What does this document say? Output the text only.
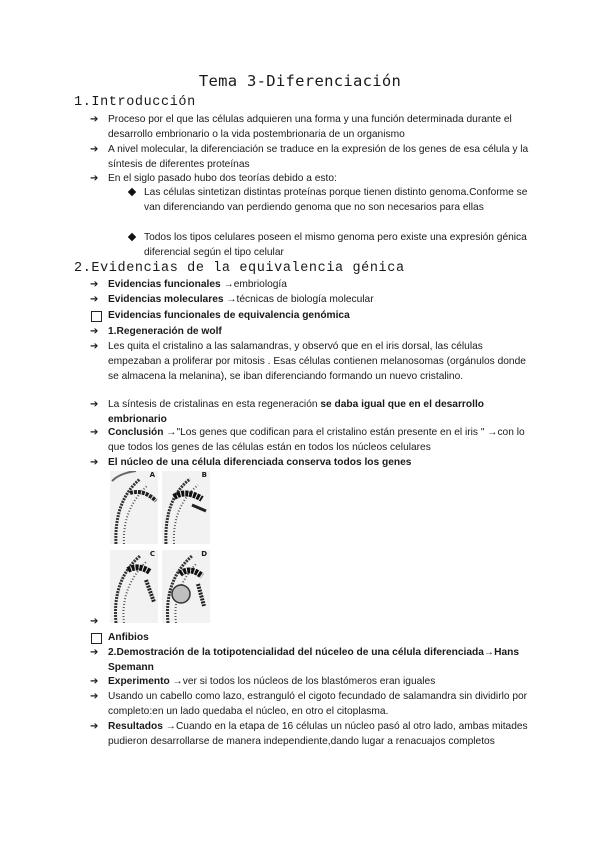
Tema 3-Diferenciación
1.Introducción
➔ Proceso por el que las células adquieren una forma y una función determinada durante el desarrollo embrionario o la vida postembrionaria de un organismo
➔ A nivel molecular, la diferenciación se traduce en la expresión de los genes de esa célula y la síntesis de diferentes proteínas
➔ En el siglo pasado hubo dos teorías debido a esto:
Las células sintetizan distintas proteínas porque tienen distinto genoma.Conforme se van diferenciando van perdiendo genoma que no son necesarios para ellas
Todos los tipos celulares poseen el mismo genoma pero existe una expresión génica diferencial según el tipo celular
2.Evidencias de la equivalencia génica
➔ Evidencias funcionales →embriología
➔ Evidencias moleculares →técnicas de biología molecular
Evidencias funcionales de equivalencia genómica
➔ 1.Regeneración de wolf
➔ Les quita el cristalino a las salamandras, y observó que en el iris dorsal, las células empezaban a proliferar por mitosis . Esas células contienen melanosomas (orgánulos donde se almacena la melanina), se iban diferenciando formando un nuevo cristalino.
➔ La síntesis de cristalinas en esta regeneración se daba igual que en el desarrollo embrionario
➔ Conclusión →"Los genes que codifican para el cristalino están presente en el iris " →con lo que todos los genes de las células están en todos los núcleos celulares
➔ El núcleo de una célula diferenciada conserva todos los genes
A	B
C	D
➔
Anfibios
➔ 2.Demostración de la totipotencialidad del núceleo de una célula diferenciada→Hans Spemann
➔ Experimento →ver si todos los núcleos de los blastómeros eran iguales
➔ Usando un cabello como lazo, estranguló el cigoto fecundado de salamandra sin dividirlo por completo:en un lado quedaba el núcleo, en otro el citoplasma.
➔ Resultados →Cuando en la etapa de 16 células un núcleo pasó al otro lado, ambas mitades pudieron desarrollarse de manera independiente,dando lugar a renacuajos completos
